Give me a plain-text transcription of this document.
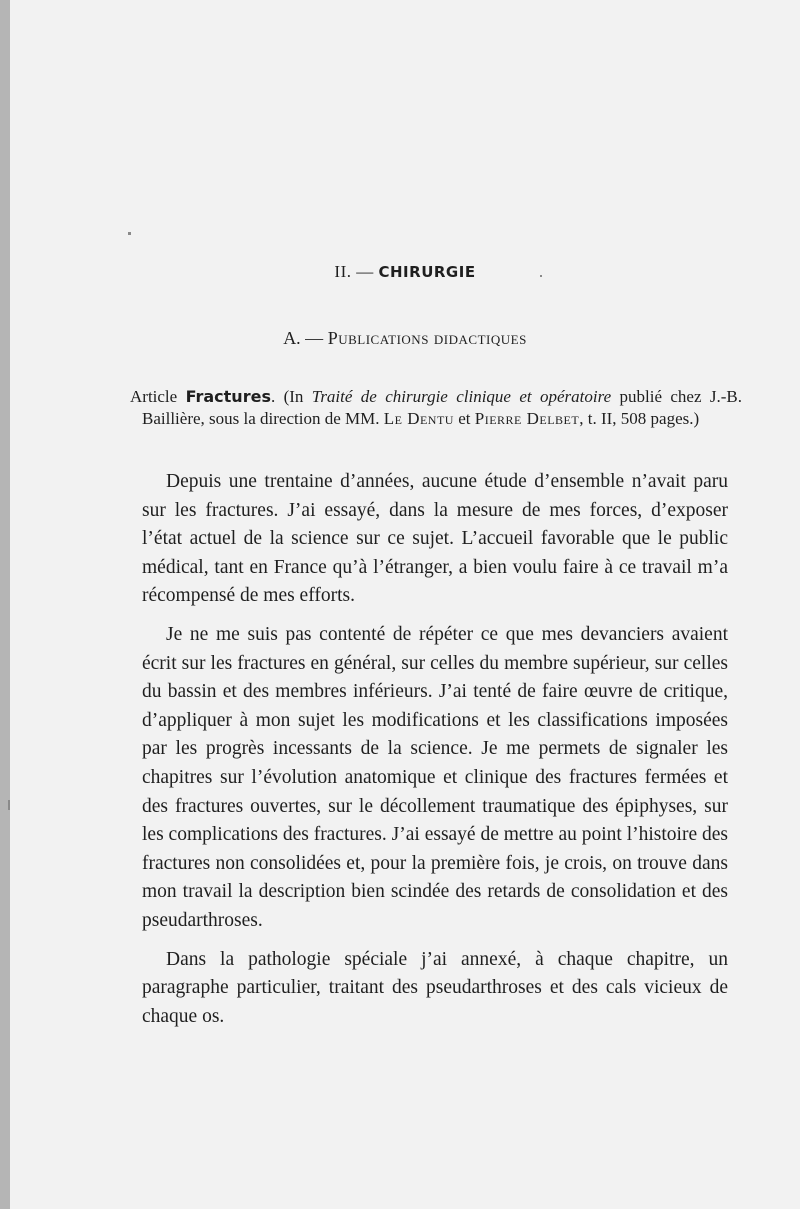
II. — CHIRURGIE
A. — Publications didactiques
Article Fractures. (In Traité de chirurgie clinique et opératoire publié chez J.-B. Baillière, sous la direction de MM. Le Dentu et Pierre Delbet, t. II, 508 pages.)

Depuis une trentaine d’années, aucune étude d’ensemble n’avait paru sur les fractures. J’ai essayé, dans la mesure de mes forces, d’exposer l’état actuel de la science sur ce sujet. L’accueil favorable que le public médical, tant en France qu’à l’étranger, a bien voulu faire à ce travail m’a récompensé de mes efforts.

Je ne me suis pas contenté de répéter ce que mes devanciers avaient écrit sur les fractures en général, sur celles du membre supérieur, sur celles du bassin et des membres inférieurs. J’ai tenté de faire œuvre de critique, d’appliquer à mon sujet les modifications et les classifications imposées par les progrès incessants de la science. Je me permets de signaler les chapitres sur l’évolution anatomique et clinique des fractures fermées et des fractures ouvertes, sur le décollement traumatique des épiphyses, sur les complications des fractures. J’ai essayé de mettre au point l’histoire des fractures non consolidées et, pour la première fois, je crois, on trouve dans mon travail la description bien scindée des retards de consolidation et des pseudarthroses.

Dans la pathologie spéciale j’ai annexé, à chaque chapitre, un paragraphe particulier, traitant des pseudarthroses et des cals vicieux de chaque os.
